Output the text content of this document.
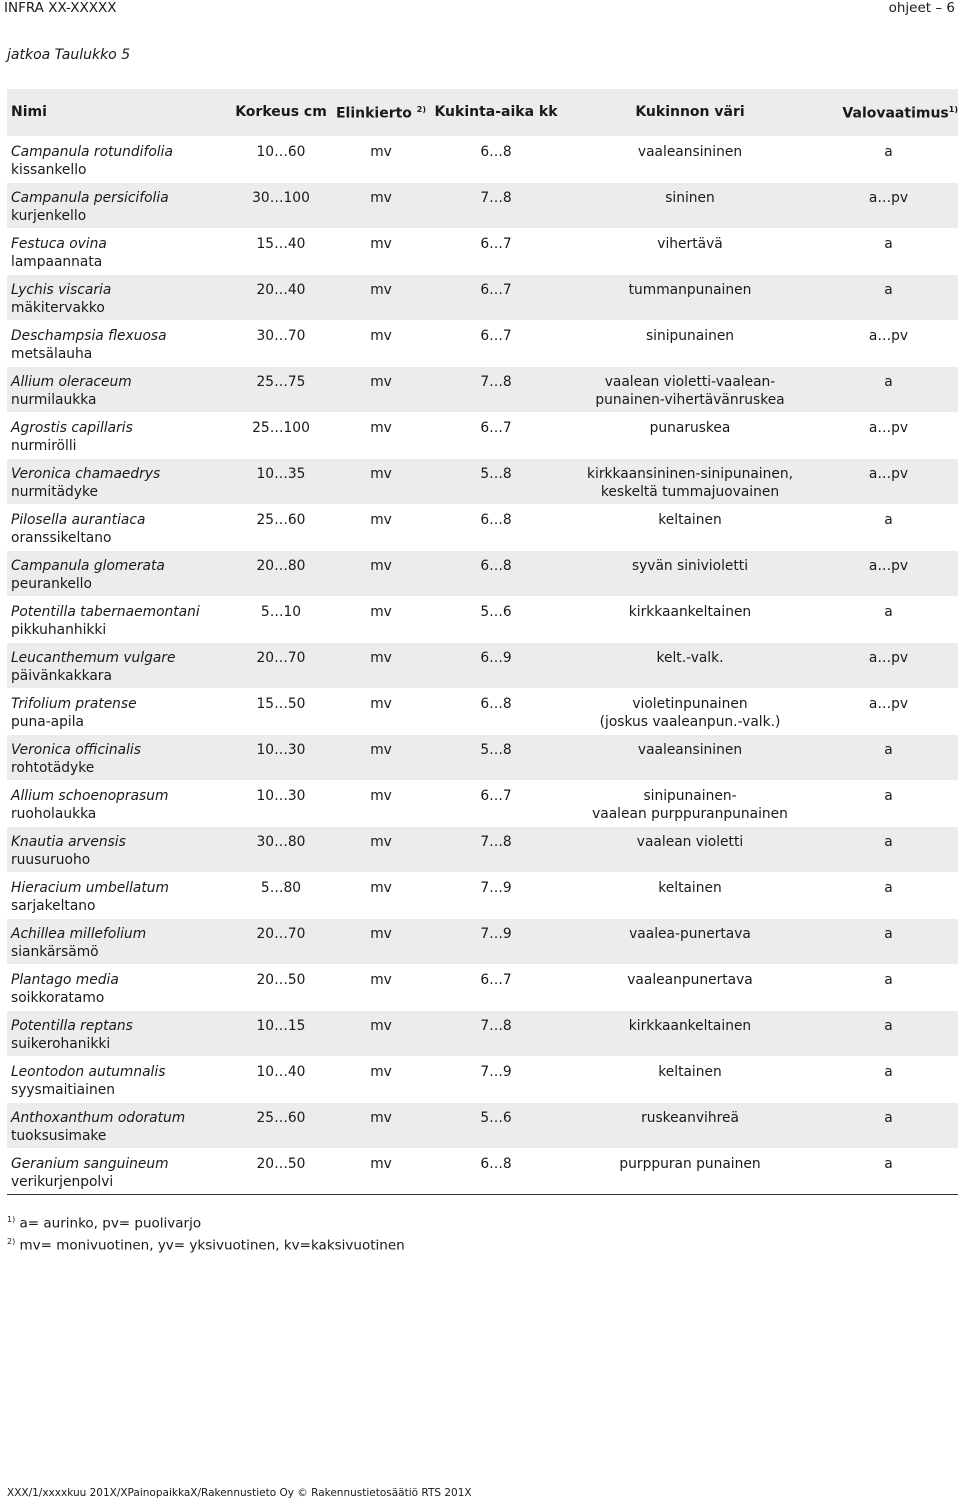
INFRA XX-XXXXX	ohjeet – 6
jatkoa Taulukko 5
Nimi	Korkeus cm	Elinkierto $^{2)}$	Kukinta-aika kk	Kukinnon väri	Valovaatimus$^{1)}$

Campanula rotundifolia
kissankello	10…60	mv	6…8	vaaleansininen	a

Campanula persicifolia
kurjenkello	30…100	mv	7…8	sininen	a…pv

Festuca ovina
lampaannata	15…40	mv	6…7	vihertävä	a

Lychis viscaria
mäkitervakko	20…40	mv	6…7	tummanpunainen	a

Deschampsia flexuosa
metsälauha	30…70	mv	6…7	sinipunainen	a…pv

Allium oleraceum
nurmilaukka	25…75	mv	7…8	vaalean violetti-vaalean-
punainen-vihertävänruskea	a

Agrostis capillaris
nurmirölli	25…100	mv	6…7	punaruskea	a…pv

Veronica chamaedrys
nurmitädyke	10…35	mv	5…8	kirkkaansininen-sinipunainen,
keskeltä tummajuovainen	a…pv

Pilosella aurantiaca
oranssikeltano	25…60	mv	6…8	keltainen	a

Campanula glomerata
peurankello	20…80	mv	6…8	syvän sinivioletti	a…pv

Potentilla tabernaemontani
pikkuhanhikki	5…10	mv	5…6	kirkkaankeltainen	a

Leucanthemum vulgare
päivänkakkara	20…70	mv	6…9	kelt.-valk.	a…pv

Trifolium pratense
puna-apila	15…50	mv	6…8	violetinpunainen
(joskus vaaleanpun.-valk.)	a…pv

Veronica officinalis
rohtotädyke	10…30	mv	5…8	vaaleansininen	a

Allium schoenoprasum
ruoholaukka	10…30	mv	6…7	sinipunainen-
vaalean purppuranpunainen	a

Knautia arvensis
ruusuruoho	30…80	mv	7…8	vaalean violetti	a

Hieracium umbellatum
sarjakeltano	5…80	mv	7…9	keltainen	a

Achillea millefolium
siankärsämö	20…70	mv	7…9	vaalea-punertava	a

Plantago media
soikkoratamo	20…50	mv	6…7	vaaleanpunertava	a

Potentilla reptans
suikerohanikki	10…15	mv	7…8	kirkkaankeltainen	a

Leontodon autumnalis
syysmaitiainen	10…40	mv	7…9	keltainen	a

Anthoxanthum odoratum
tuoksusimake	25…60	mv	5…6	ruskeanvihreä	a

Geranium sanguineum
verikurjenpolvi	20…50	mv	6…8	purppuran punainen	a
$^{1)}$ a= aurinko, pv= puolivarjo
$^{2)}$ mv= monivuotinen, yv= yksivuotinen, kv=kaksivuotinen
XXX/1/xxxxkuu 201X/XPainopaikkaX/Rakennustieto Oy © Rakennustietosäätiö RTS 201X
